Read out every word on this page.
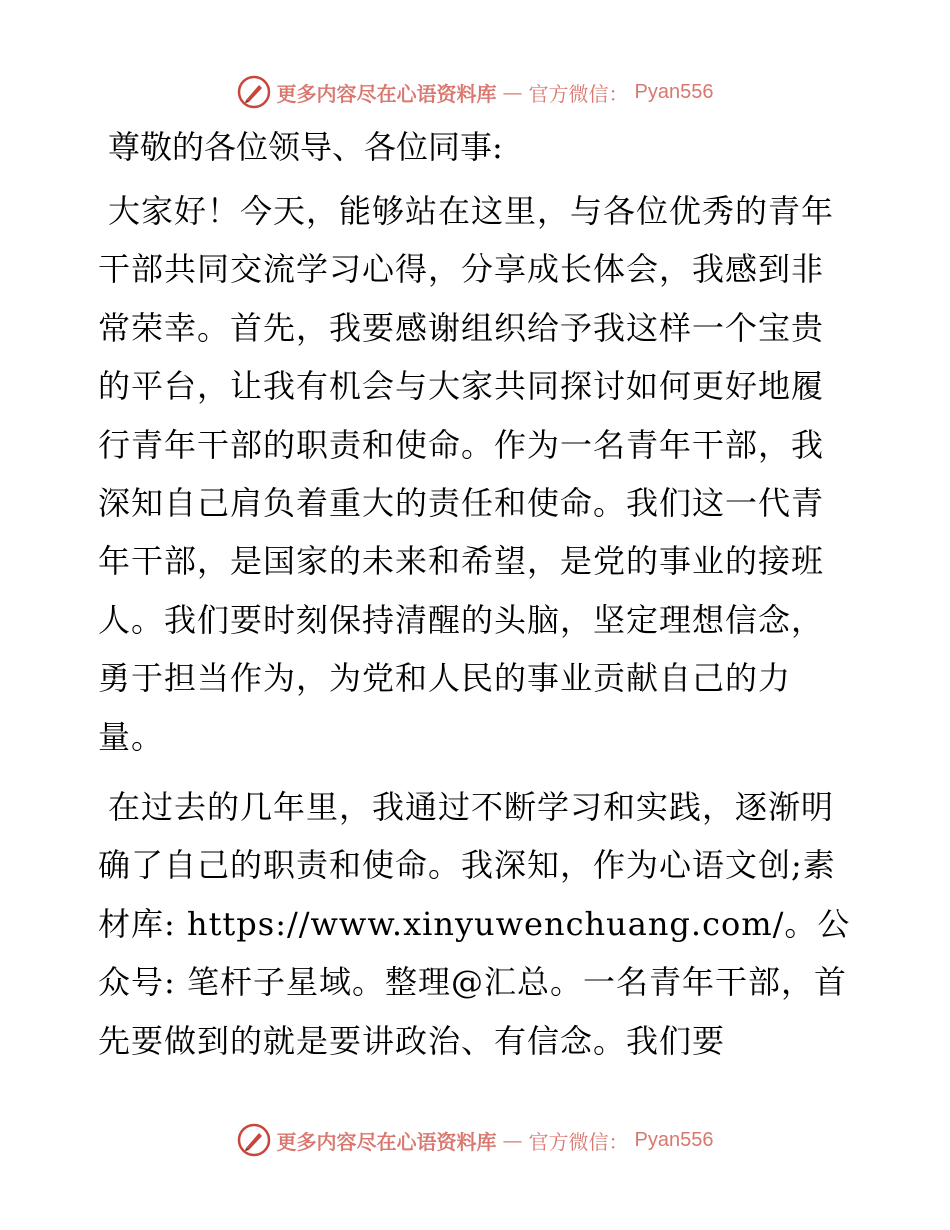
更多内容尽在心语资料库 — 官方微信： Pyan556

尊敬的各位领导、各位同事:

大家好！今天，能够站在这里，与各位优秀的青年干部共同交流学习心得，分享成长体会，我感到非常荣幸。首先，我要感谢组织给予我这样一个宝贵的平台，让我有机会与大家共同探讨如何更好地履行青年干部的职责和使命。作为一名青年干部，我深知自己肩负着重大的责任和使命。我们这一代青年干部，是国家的未来和希望，是党的事业的接班人。我们要时刻保持清醒的头脑，坚定理想信念，勇于担当作为，为党和人民的事业贡献自己的力量。

在过去的几年里，我通过不断学习和实践，逐渐明确了自己的职责和使命。我深知，作为心语文创;素材库: https://www.xinyuwenchuang.com/。公众号: 笔杆子星域。整理@汇总。一名青年干部，首先要做到的就是要讲政治、有信念。我们要

更多内容尽在心语资料库 — 官方微信： Pyan556
